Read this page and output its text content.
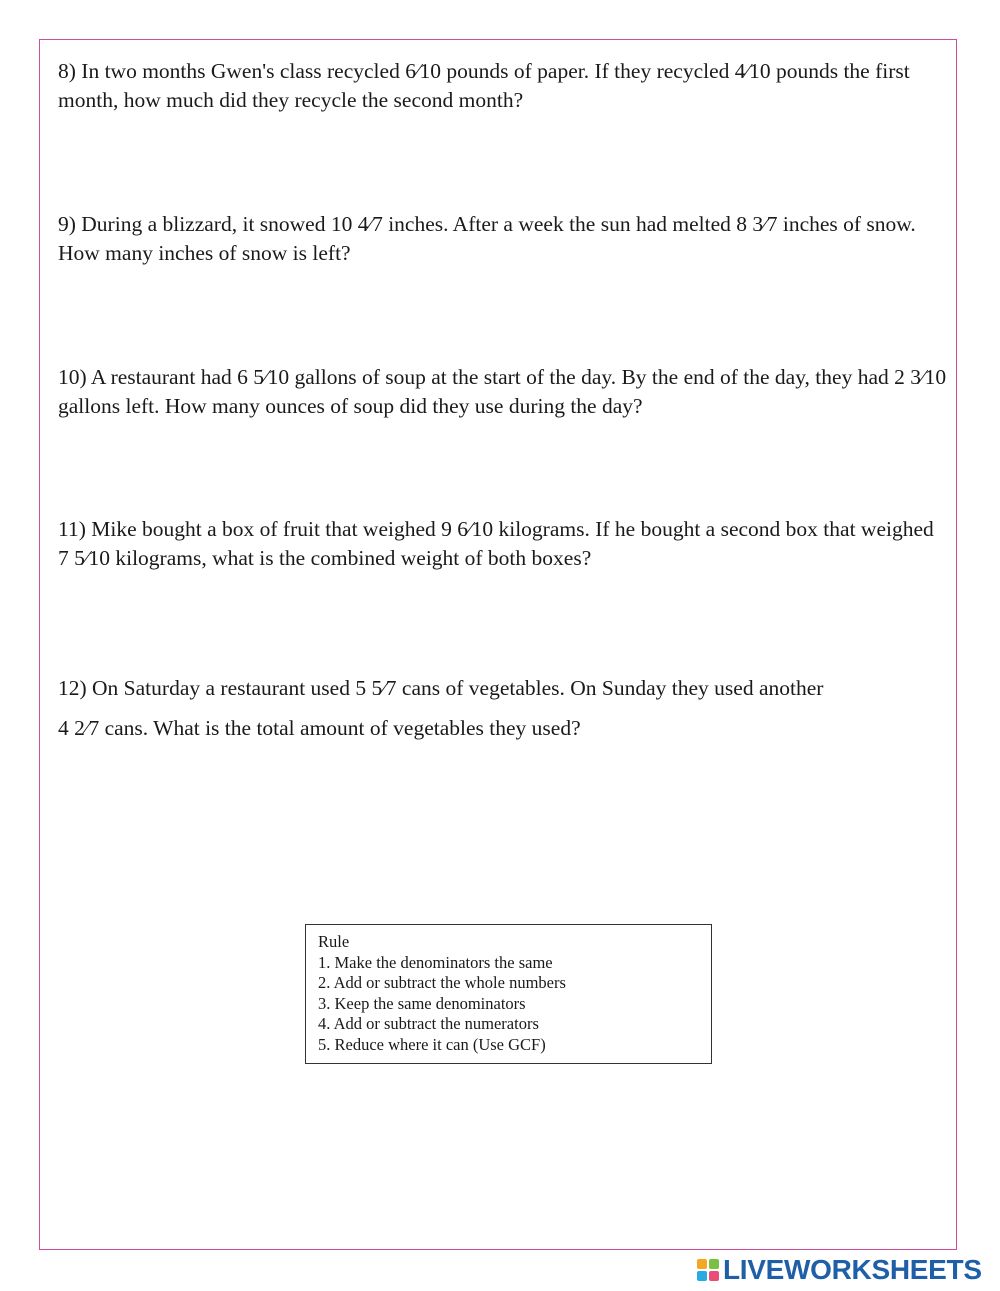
8) In two months Gwen's class recycled 6⁄10 pounds of paper. If they recycled 4⁄10 pounds the first month, how much did they recycle the second month?

9) During a blizzard, it snowed 10 4⁄7 inches. After a week the sun had melted 8 3⁄7 inches of snow. How many inches of snow is left?

10) A restaurant had 6 5⁄10 gallons of soup at the start of the day. By the end of the day, they had 2 3⁄10 gallons left. How many ounces of soup did they use during the day?

11) Mike bought a box of fruit that weighed 9 6⁄10 kilograms. If he bought a second box that weighed 7 5⁄10 kilograms, what is the combined weight of both boxes?

12) On Saturday a restaurant used 5 5⁄7 cans of vegetables. On Sunday they used another
4 2⁄7 cans. What is the total amount of vegetables they used?

Rule
1. Make the denominators the same
2. Add or subtract the whole numbers
3. Keep the same denominators
4. Add or subtract the numerators
5. Reduce where it can (Use GCF)
LIVEWORKSHEETS
